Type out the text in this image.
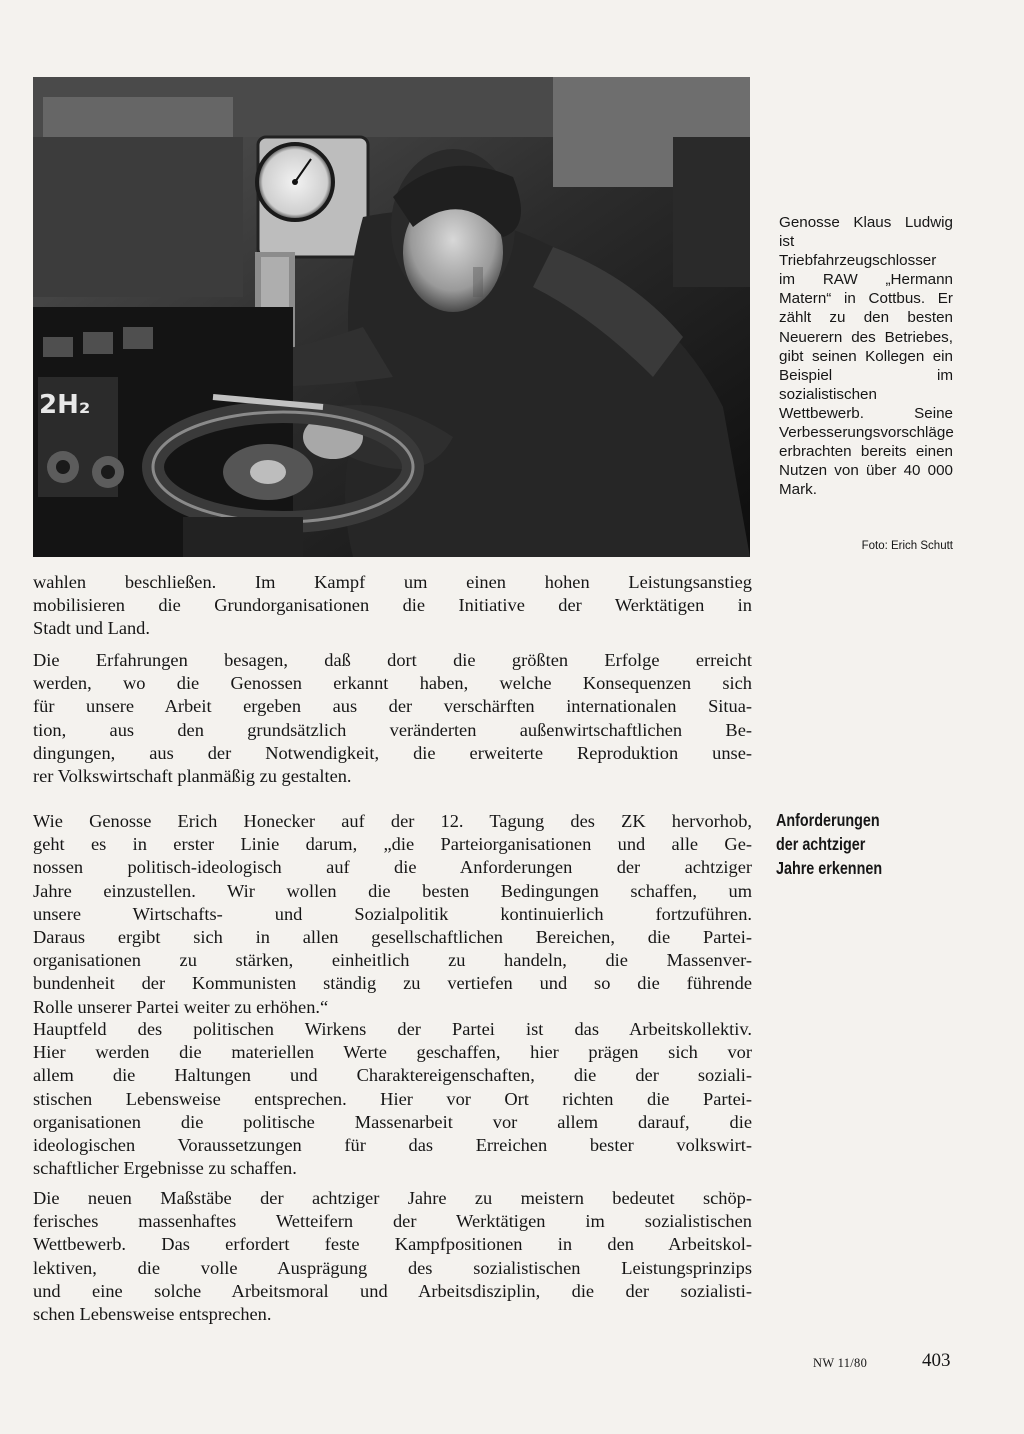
2H₂
Genosse Klaus Ludwig ist Triebfahrzeugschlosser im RAW „Hermann Matern“ in Cottbus. Er zählt zu den besten Neuerern des Betriebes, gibt seinen Kollegen ein Beispiel im sozialistischen Wettbewerb. Seine Verbesserungsvorschläge erbrachten bereits einen Nutzen von über 40 000 Mark.
Foto: Erich Schutt
Anforderungen
der achtziger
Jahre erkennen
wahlen beschließen. Im Kampf um einen hohen Leistungsanstieg
mobilisieren die Grundorganisationen die Initiative der Werktätigen in
Stadt und Land.
Die Erfahrungen besagen, daß dort die größten Erfolge erreicht
werden, wo die Genossen erkannt haben, welche Konsequenzen sich
für unsere Arbeit ergeben aus der verschärften internationalen Situa-
tion, aus den grundsätzlich veränderten außenwirtschaftlichen Be-
dingungen, aus der Notwendigkeit, die erweiterte Reproduktion unse-
rer Volkswirtschaft planmäßig zu gestalten.
Wie Genosse Erich Honecker auf der 12. Tagung des ZK hervorhob,
geht es in erster Linie darum, „die Parteiorganisationen und alle Ge-
nossen politisch-ideologisch auf die Anforderungen der achtziger
Jahre einzustellen. Wir wollen die besten Bedingungen schaffen, um
unsere Wirtschafts- und Sozialpolitik kontinuierlich fortzuführen.
Daraus ergibt sich in allen gesellschaftlichen Bereichen, die Partei-
organisationen zu stärken, einheitlich zu handeln, die Massenver-
bundenheit der Kommunisten ständig zu vertiefen und so die führende
Rolle unserer Partei weiter zu erhöhen.“
Hauptfeld des politischen Wirkens der Partei ist das Arbeitskollektiv.
Hier werden die materiellen Werte geschaffen, hier prägen sich vor
allem die Haltungen und Charaktereigenschaften, die der soziali-
stischen Lebensweise entsprechen. Hier vor Ort richten die Partei-
organisationen die politische Massenarbeit vor allem darauf, die
ideologischen Voraussetzungen für das Erreichen bester volkswirt-
schaftlicher Ergebnisse zu schaffen.
Die neuen Maßstäbe der achtziger Jahre zu meistern bedeutet schöp-
ferisches massenhaftes Wetteifern der Werktätigen im sozialistischen
Wettbewerb. Das erfordert feste Kampfpositionen in den Arbeitskol-
lektiven, die volle Ausprägung des sozialistischen Leistungsprinzips
und eine solche Arbeitsmoral und Arbeitsdisziplin, die der sozialisti-
schen Lebensweise entsprechen.
NW 11/80	403
